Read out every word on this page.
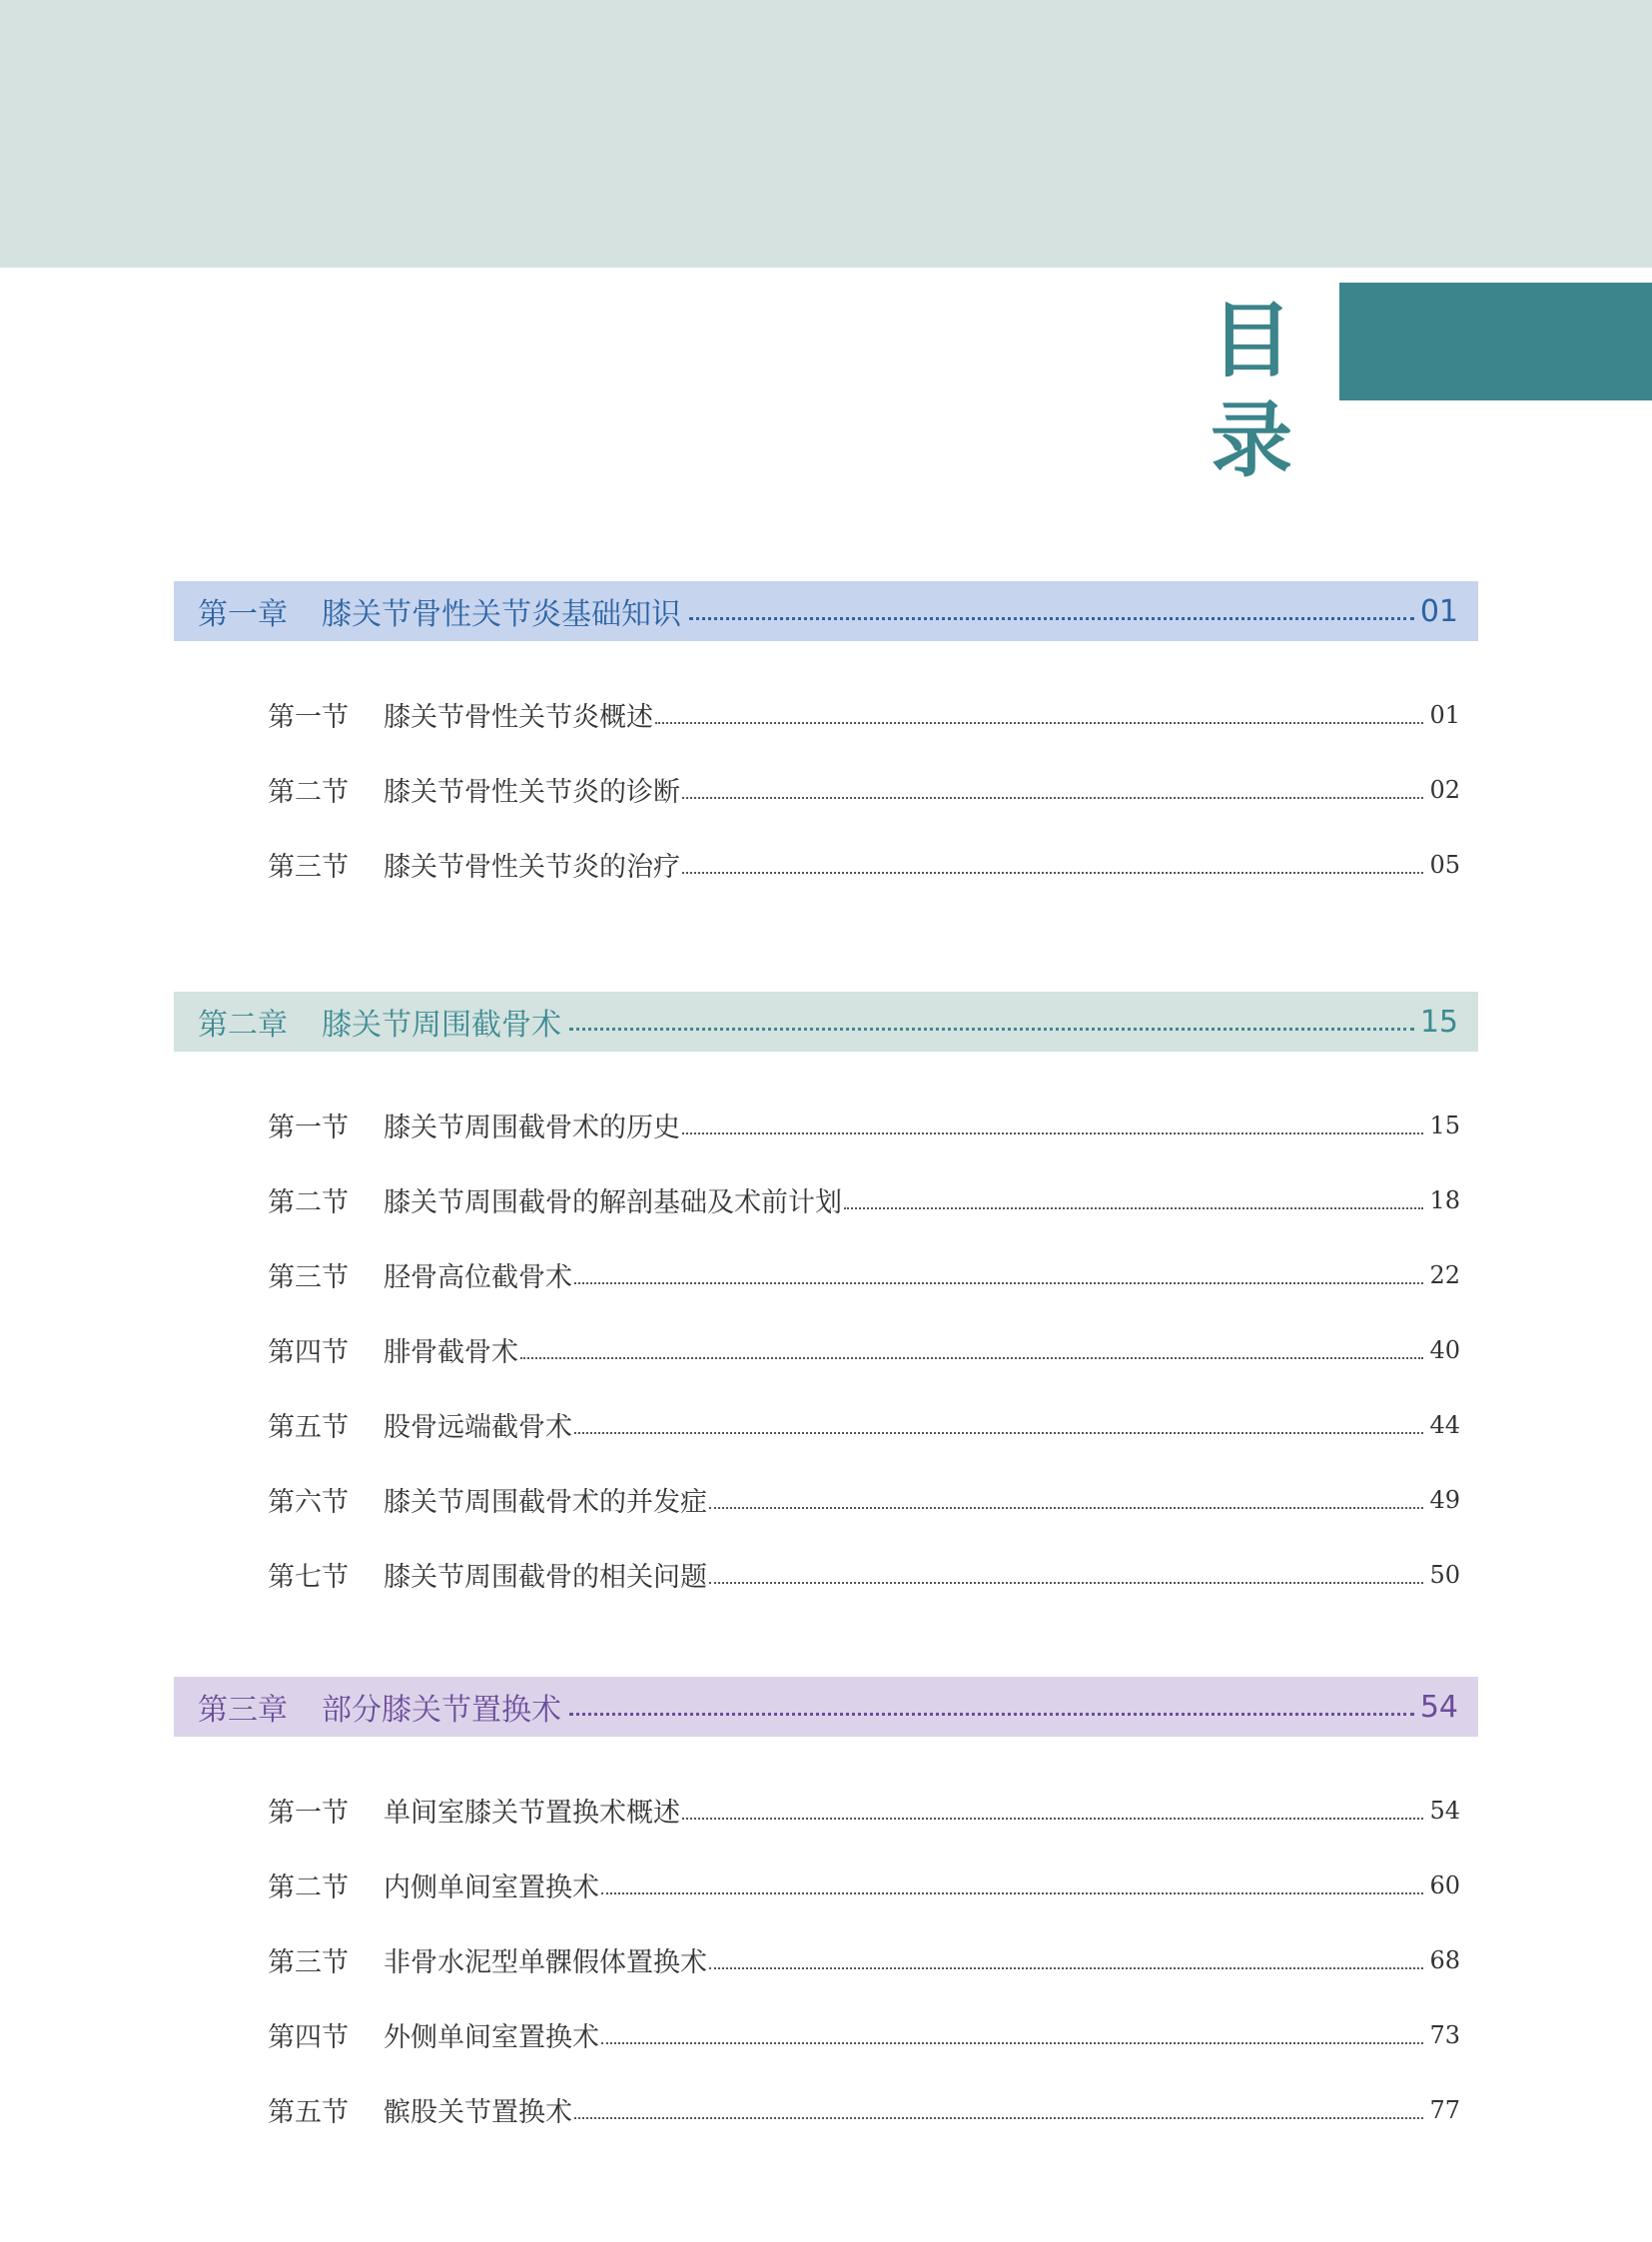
目 录
第一章 膝关节骨性关节炎基础知识	01
第一节	膝关节骨性关节炎概述	01
第二节	膝关节骨性关节炎的诊断	02
第三节	膝关节骨性关节炎的治疗	05
第二章 膝关节周围截骨术	15
第一节	膝关节周围截骨术的历史	15
第二节	膝关节周围截骨的解剖基础及术前计划	18
第三节	胫骨高位截骨术	22
第四节	腓骨截骨术	40
第五节	股骨远端截骨术	44
第六节	膝关节周围截骨术的并发症	49
第七节	膝关节周围截骨的相关问题	50
第三章 部分膝关节置换术	54
第一节	单间室膝关节置换术概述	54
第二节	内侧单间室置换术	60
第三节	非骨水泥型单髁假体置换术	68
第四节	外侧单间室置换术	73
第五节	髌股关节置换术	77
